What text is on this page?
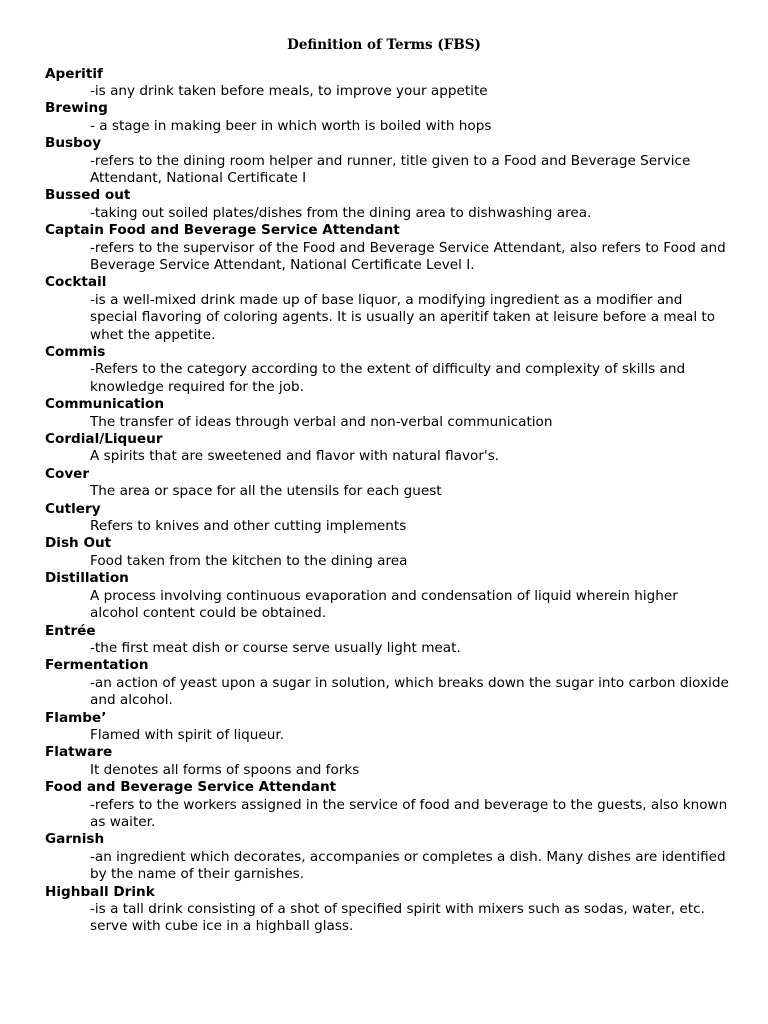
Definition of Terms (FBS)
Aperitif
-is any drink taken before meals, to improve your appetite
Brewing
- a stage in making beer in which worth is boiled with hops
Busboy
-refers to the dining room helper and runner, title given to a Food and Beverage Service Attendant, National Certificate I
Bussed out
-taking out soiled plates/dishes from the dining area to dishwashing area.
Captain Food and Beverage Service Attendant
-refers to the supervisor of the Food and Beverage Service Attendant, also refers to Food and Beverage Service Attendant, National Certificate Level I.
Cocktail
-is a well-mixed drink made up of base liquor, a modifying ingredient as a modifier and special flavoring of coloring agents. It is usually an aperitif taken at leisure before a meal to whet the appetite.
Commis
-Refers to the category according to the extent of difficulty and complexity of skills and knowledge required for the job.
Communication
The transfer of ideas through verbal and non-verbal communication
Cordial/Liqueur
A spirits that are sweetened and flavor with natural flavor's.
Cover
The area or space for all the utensils for each guest
Cutlery
Refers to knives and other cutting implements
Dish Out
Food taken from the kitchen to the dining area
Distillation
A process involving continuous evaporation and condensation of liquid wherein higher alcohol content could be obtained.
Entrée
-the first meat dish or course serve usually light meat.
Fermentation
-an action of yeast upon a sugar in solution, which breaks down the sugar into carbon dioxide and alcohol.
Flambe’
Flamed with spirit of liqueur.
Flatware
It denotes all forms of spoons and forks
Food and Beverage Service Attendant
-refers to the workers assigned in the service of food and beverage to the guests, also known as waiter.
Garnish
-an ingredient which decorates, accompanies or completes a dish. Many dishes are identified by the name of their garnishes.
Highball Drink
-is a tall drink consisting of a shot of specified spirit with mixers such as sodas, water, etc. serve with cube ice in a highball glass.
